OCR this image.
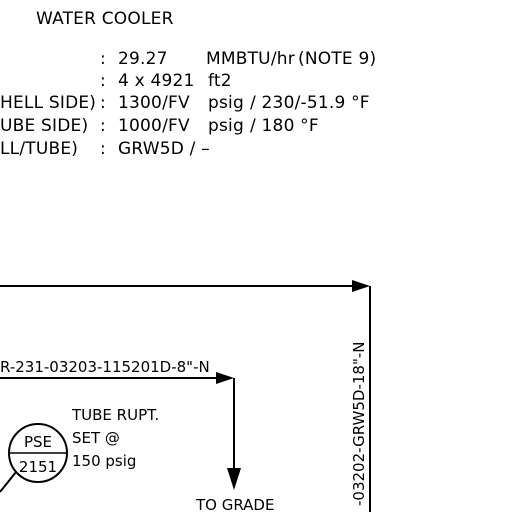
WATER COOLER
: 29.27 MMBTU/hr (NOTE 9)
: 4 x 4921 ft2
HELL SIDE) : 1300/FV psig / 230/-51.9 °F
UBE SIDE) : 1000/FV psig / 180 °F
LL/TUBE) : GRW5D / –
-03202-GRW5D-18"-N
R-231-03203-115201D-8"-N
TO GRADE
PSE
2151
TUBE RUPT.
SET @
150 psig
